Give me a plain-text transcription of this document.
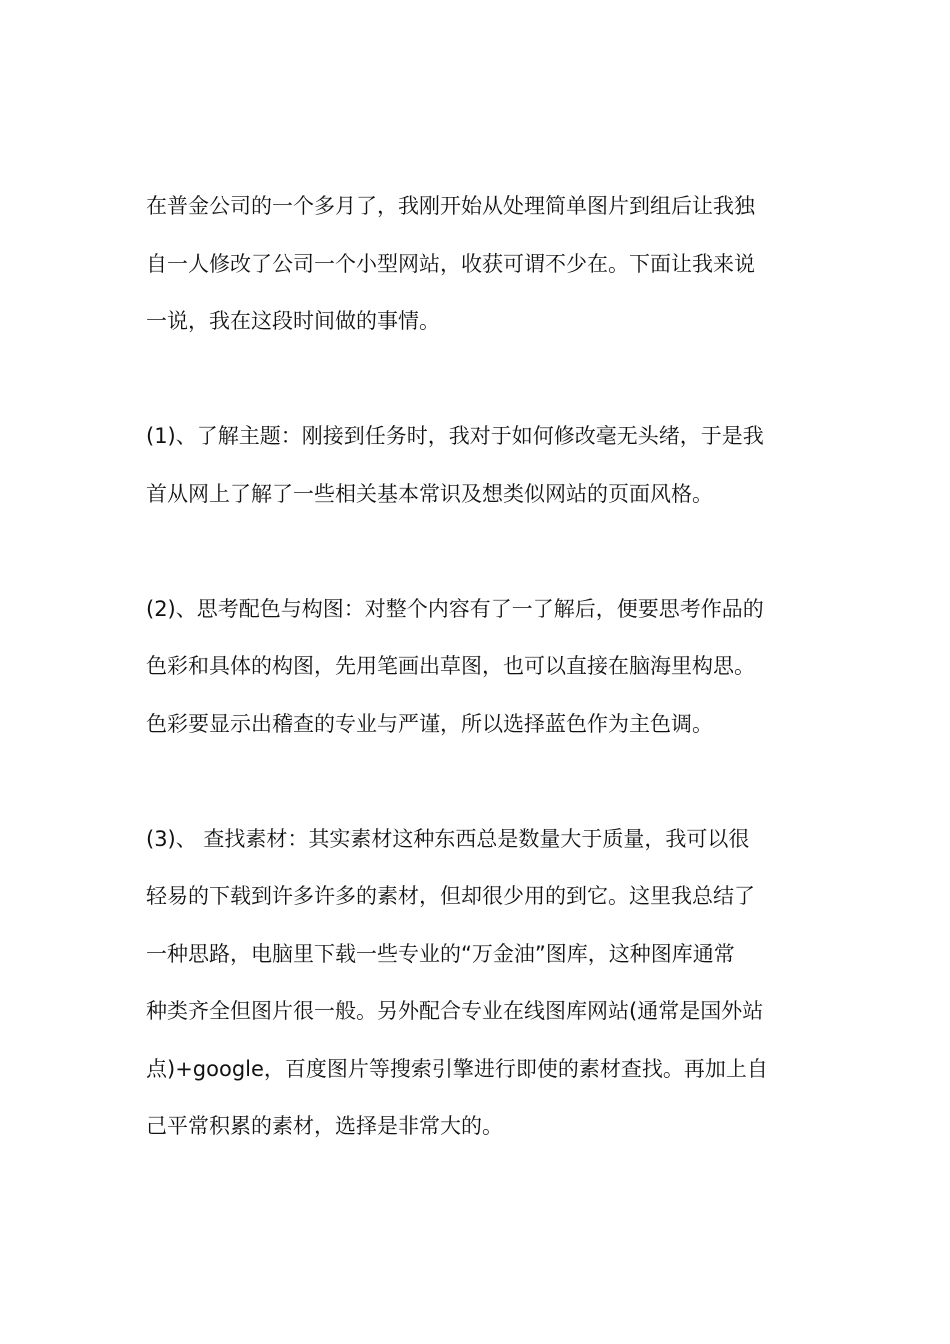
在普金公司的一个多月了，我刚开始从处理简单图片到组后让我独
自一人修改了公司一个小型网站，收获可谓不少在。下面让我来说
一说，我在这段时间做的事情。
(1)、了解主题：刚接到任务时，我对于如何修改毫无头绪，于是我
首从网上了解了一些相关基本常识及想类似网站的页面风格。
(2)、思考配色与构图：对整个内容有了一了解后，便要思考作品的
色彩和具体的构图，先用笔画出草图，也可以直接在脑海里构思。
色彩要显示出稽查的专业与严谨，所以选择蓝色作为主色调。
(3)、 查找素材：其实素材这种东西总是数量大于质量，我可以很
轻易的下载到许多许多的素材，但却很少用的到它。这里我总结了
一种思路，电脑里下载一些专业的“万金油”图库，这种图库通常
种类齐全但图片很一般。另外配合专业在线图库网站(通常是国外站
点)+google，百度图片等搜索引擎进行即使的素材查找。再加上自
己平常积累的素材，选择是非常大的。
